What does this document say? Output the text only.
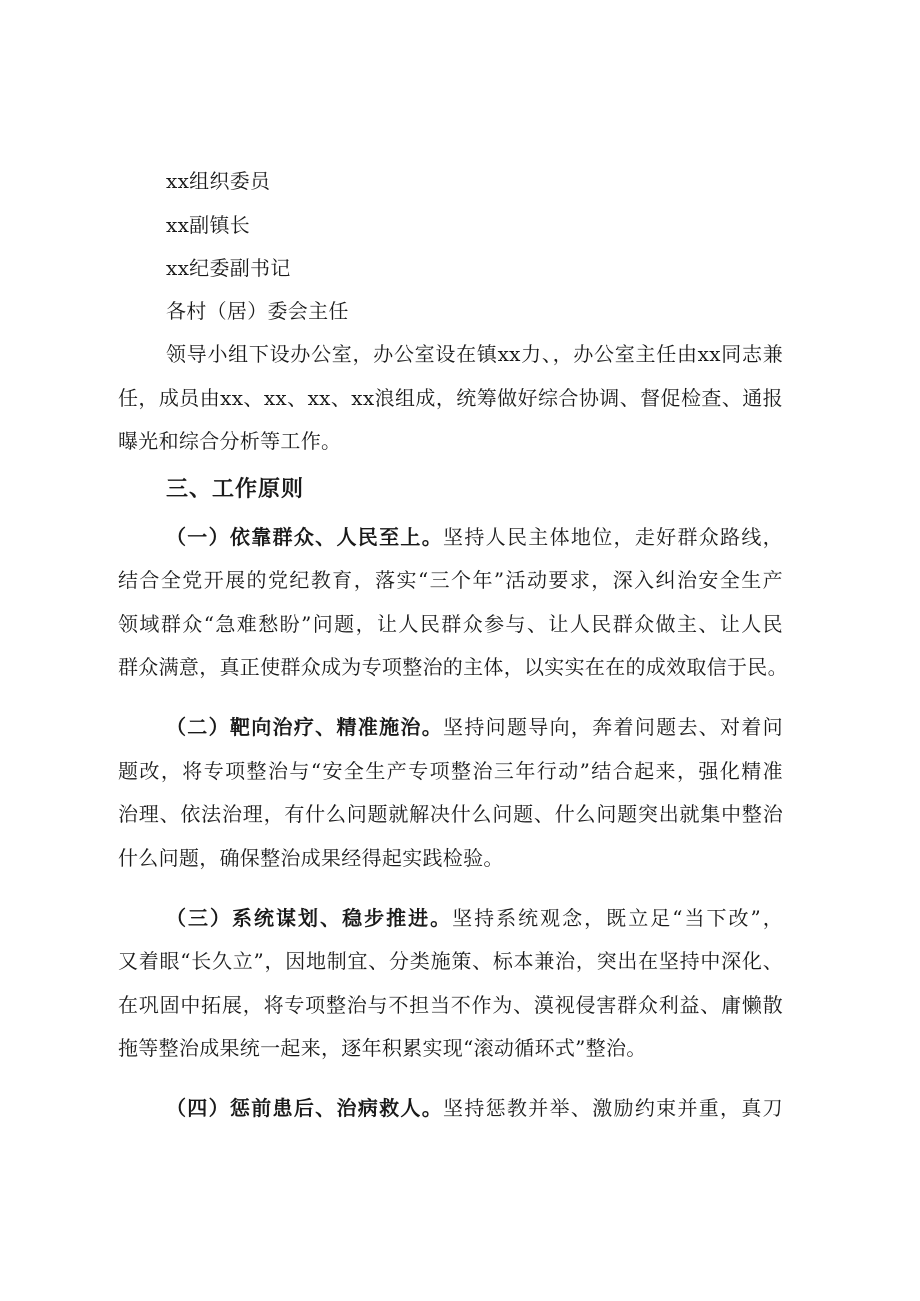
xx组织委员
xx副镇长
xx纪委副书记
各村（居）委会主任
领导小组下设办公室，办公室设在镇xx力、，办公室主任由xx同志兼
任，成员由xx、xx、xx、xx浪组成，统筹做好综合协调、督促检查、通报
曝光和综合分析等工作。
三、工作原则
（一）依靠群众、人民至上。坚持人民主体地位，走好群众路线，
结合全党开展的党纪教育，落实“三个年”活动要求，深入纠治安全生产
领域群众“急难愁盼”问题，让人民群众参与、让人民群众做主、让人民
群众满意，真正使群众成为专项整治的主体，以实实在在的成效取信于民。
（二）靶向治疗、精准施治。坚持问题导向，奔着问题去、对着问
题改，将专项整治与“安全生产专项整治三年行动”结合起来，强化精准
治理、依法治理，有什么问题就解决什么问题、什么问题突出就集中整治
什么问题，确保整治成果经得起实践检验。
（三）系统谋划、稳步推进。坚持系统观念，既立足“当下改”，
又着眼“长久立”，因地制宜、分类施策、标本兼治，突出在坚持中深化、
在巩固中拓展，将专项整治与不担当不作为、漠视侵害群众利益、庸懒散
拖等整治成果统一起来，逐年积累实现“滚动循环式”整治。
（四）惩前患后、治病救人。坚持惩教并举、激励约束并重，真刀
